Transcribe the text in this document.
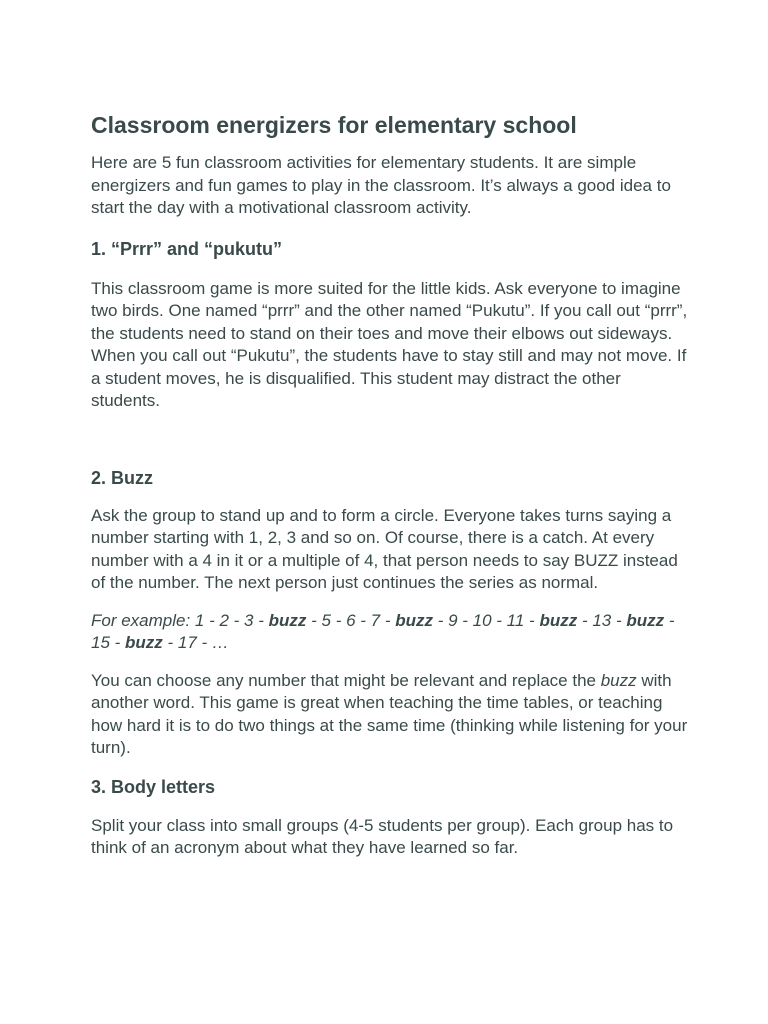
Classroom energizers for elementary school

Here are 5 fun classroom activities for elementary students. It are simple energizers and fun games to play in the classroom. It’s always a good idea to start the day with a motivational classroom activity.

1. “Prrr” and “pukutu”

This classroom game is more suited for the little kids. Ask everyone to imagine two birds. One named “prrr” and the other named “Pukutu”. If you call out “prrr”, the students need to stand on their toes and move their elbows out sideways. When you call out “Pukutu”, the students have to stay still and may not move. If a student moves, he is disqualified. This student may distract the other students.

2. Buzz

Ask the group to stand up and to form a circle. Everyone takes turns saying a number starting with 1, 2, 3 and so on. Of course, there is a catch. At every number with a 4 in it or a multiple of 4, that person needs to say BUZZ instead of the number. The next person just continues the series as normal.

For example: 1 - 2 - 3 - buzz - 5 - 6 - 7 - buzz - 9 - 10 - 11 - buzz - 13 - buzz - 15 - buzz - 17 - …

You can choose any number that might be relevant and replace the buzz with another word. This game is great when teaching the time tables, or teaching how hard it is to do two things at the same time (thinking while listening for your turn).

3. Body letters

Split your class into small groups (4-5 students per group). Each group has to think of an acronym about what they have learned so far.
